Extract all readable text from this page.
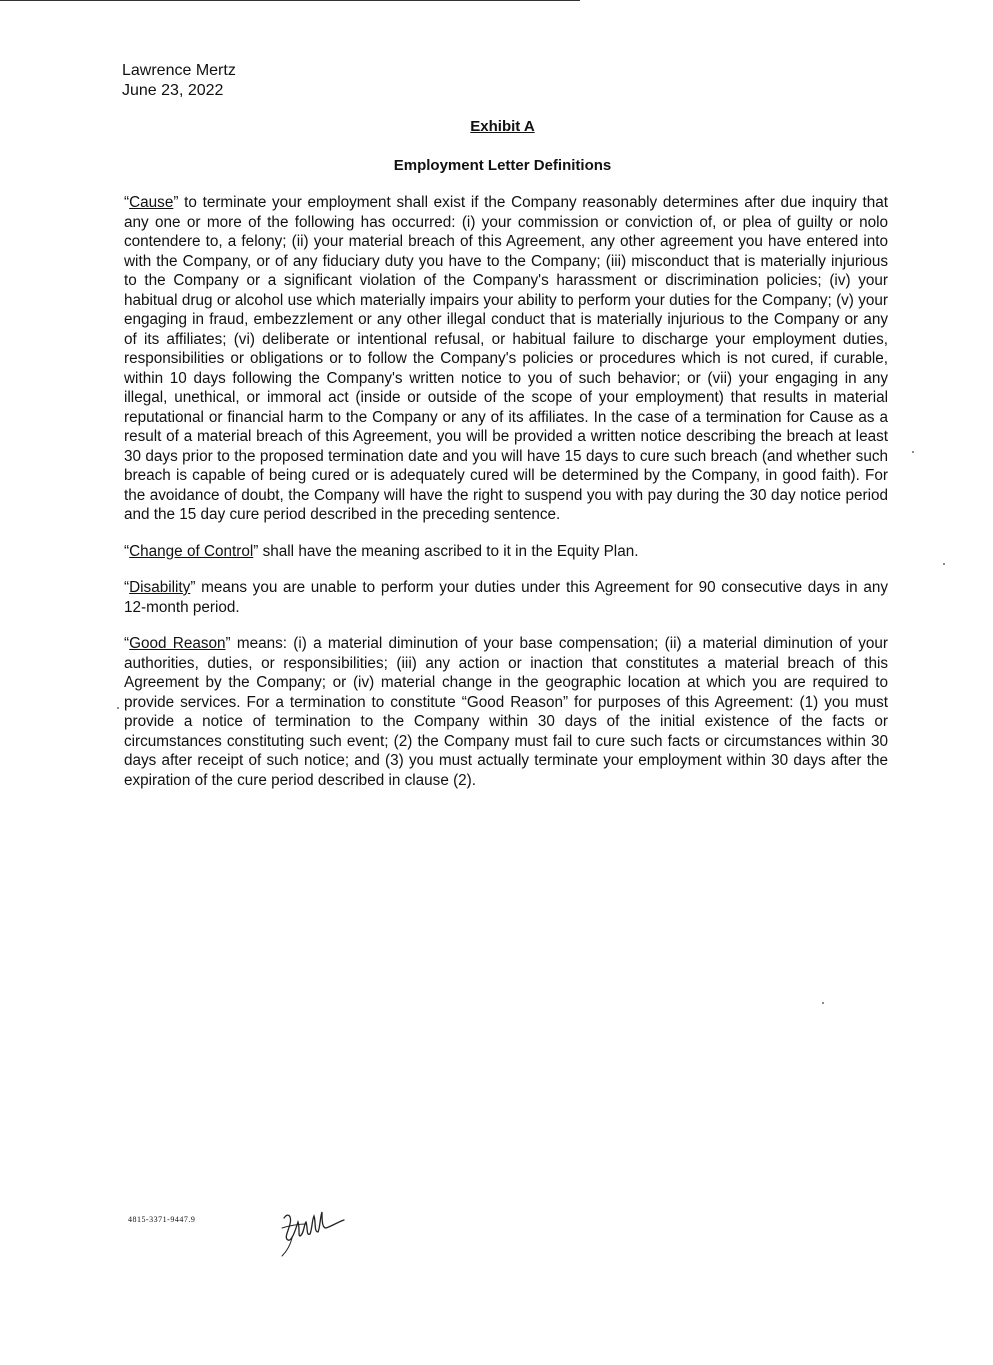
Lawrence Mertz
June 23, 2022
Exhibit A
Employment Letter Definitions

“Cause” to terminate your employment shall exist if the Company reasonably determines after due inquiry that any one or more of the following has occurred: (i) your commission or conviction of, or plea of guilty or nolo contendere to, a felony; (ii) your material breach of this Agreement, any other agreement you have entered into with the Company, or of any fiduciary duty you have to the Company; (iii) misconduct that is materially injurious to the Company or a significant violation of the Company's harassment or discrimination policies; (iv) your habitual drug or alcohol use which materially impairs your ability to perform your duties for the Company; (v) your engaging in fraud, embezzlement or any other illegal conduct that is materially injurious to the Company or any of its affiliates; (vi) deliberate or intentional refusal, or habitual failure to discharge your employment duties, responsibilities or obligations or to follow the Company's policies or procedures which is not cured, if curable, within 10 days following the Company's written notice to you of such behavior; or (vii) your engaging in any illegal, unethical, or immoral act (inside or outside of the scope of your employment) that results in material reputational or financial harm to the Company or any of its affiliates. In the case of a termination for Cause as a result of a material breach of this Agreement, you will be provided a written notice describing the breach at least 30 days prior to the proposed termination date and you will have 15 days to cure such breach (and whether such breach is capable of being cured or is adequately cured will be determined by the Company, in good faith). For the avoidance of doubt, the Company will have the right to suspend you with pay during the 30 day notice period and the 15 day cure period described in the preceding sentence.

“Change of Control” shall have the meaning ascribed to it in the Equity Plan.

“Disability” means you are unable to perform your duties under this Agreement for 90 consecutive days in any 12-month period.

“Good Reason” means: (i) a material diminution of your base compensation; (ii) a material diminution of your authorities, duties, or responsibilities; (iii) any action or inaction that constitutes a material breach of this Agreement by the Company; or (iv) material change in the geographic location at which you are required to provide services. For a termination to constitute “Good Reason” for purposes of this Agreement: (1) you must provide a notice of termination to the Company within 30 days of the initial existence of the facts or circumstances constituting such event; (2) the Company must fail to cure such facts or circumstances within 30 days after receipt of such notice; and (3) you must actually terminate your employment within 30 days after the expiration of the cure period described in clause (2).

4815-3371-9447.9
